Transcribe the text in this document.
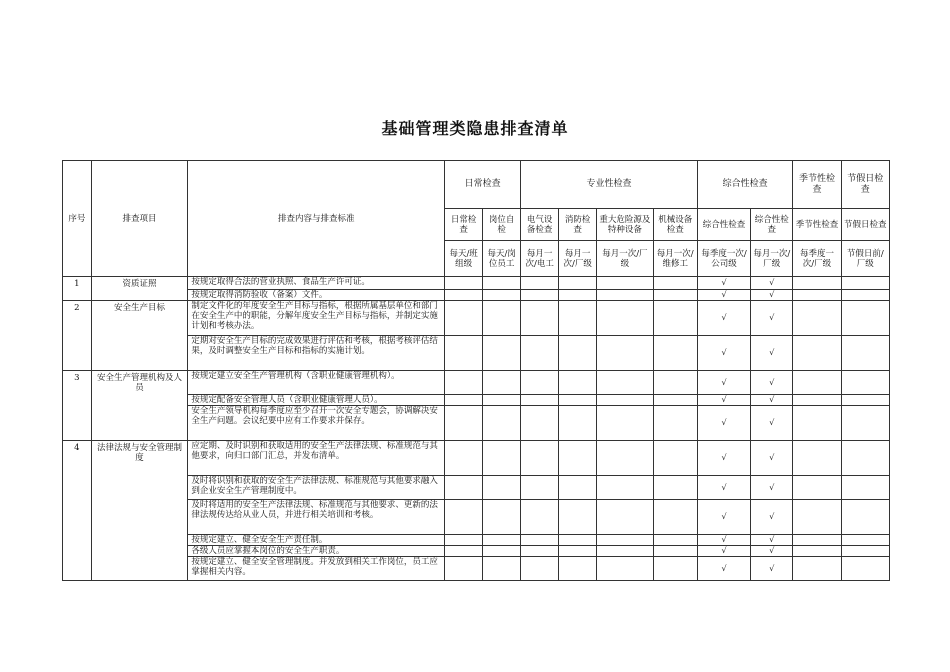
基础管理类隐患排查清单
序号	排查项目	排查内容与排查标准	日常检查		专业性检查				综合性检查		季节性检查	节假日检查
			日常检查	岗位自检	电气设备检查	消防检查	重大危险源及特种设备	机械设备检查	综合性检查	综合性检查	季节性检查	节假日检查
			每天/班组级	每天/岗位员工	每月一次/电工	每月一次/厂级	每月一次/厂级	每月一次/维修工	每季度一次/公司级	每月一次/厂级	每季度一次/厂级	节假日前/厂级
1	资质证照	按规定取得合法的营业执照、食品生产许可证。							√	√		
		按规定取得消防验收（备案）文件。							√	√		
2	安全生产目标	制定文件化的年度安全生产目标与指标，根据所属基层单位和部门在安全生产中的职能，分解年度安全生产目标与指标，并制定实施计划和考核办法。							√	√		
		定期对安全生产目标的完成效果进行评估和考核，根据考核评估结果，及时调整安全生产目标和指标的实施计划。							√	√		
3	安全生产管理机构及人员	按规定建立安全生产管理机构（含职业健康管理机构）。							√	√		
		按规定配备安全管理人员（含职业健康管理人员）。							√	√		
		安全生产领导机构每季度应至少召开一次安全专题会，协调解决安全生产问题。会议纪要中应有工作要求并保存。							√	√		
4	法律法规与安全管理制度	应定期、及时识别和获取适用的安全生产法律法规、标准规范与其他要求，向归口部门汇总，并发布清单。							√	√		
		及时将识别和获取的安全生产法律法规、标准规范与其他要求融入到企业安全生产管理制度中。							√	√		
		及时将适用的安全生产法律法规、标准规范与其他要求、更新的法律法规传达给从业人员，并进行相关培训和考核。							√	√		
		按规定建立、健全安全生产责任制。							√	√		
		各级人员应掌握本岗位的安全生产职责。							√	√		
		按规定建立、健全安全管理制度。并发放到相关工作岗位，员工应掌握相关内容。							√	√		
